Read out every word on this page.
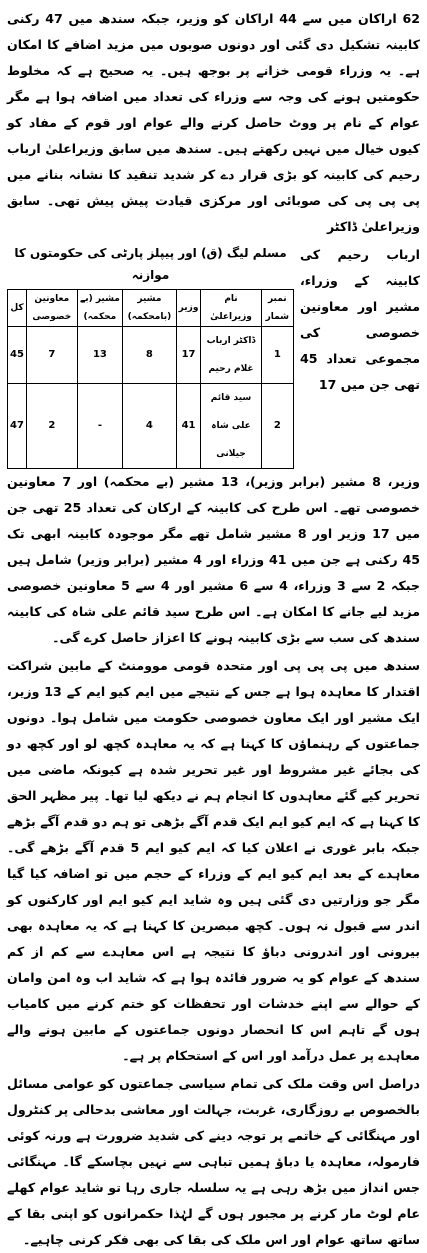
62 اراکان میں سے 44 اراکان کو وزیر، جبکہ سندھ میں 47 رکنی کابینہ تشکیل دی گئی اور دونوں صوبوں میں مزید اضافے کا امکان ہے۔ یہ وزراء قومی خزانے پر بوجھ ہیں۔ یہ صحیح ہے کہ مخلوط حکومتیں ہونے کی وجہ سے وزراء کی تعداد میں اضافہ ہوا ہے مگر عوام کے نام پر ووٹ حاصل کرنے والے عوام اور قوم کے مفاد کو کیوں خیال میں نہیں رکھتے ہیں۔ سندھ میں سابق وزیراعلیٰ ارباب رحیم کی کابینہ کو بڑی قرار دے کر شدید تنقید کا نشانہ بنانے میں پی پی پی کی صوبائی اور مرکزی قیادت پیش پیش تھی۔ سابق وزیراعلیٰ ڈاکٹر

ارباب رحیم کی کابینہ کے وزراء، مشیر اور معاونین خصوصی کی مجموعی تعداد 45 تھی جن میں 17
مسلم لیگ (ق) اور پیپلز پارٹی کی حکومتوں کا موازنہ
نمبر شمار	نام وزیراعلیٰ	وزیر	مشیر (بامحکمہ)	مشیر (بے محکمہ)	معاونین خصوصی	کل
1	ڈاکٹر ارباب غلام رحیم	17	8	13	7	45
2	سید قائم علی شاہ جیلانی	41	4	-	2	47

وزیر، 8 مشیر (برابر وزیر)، 13 مشیر (بے محکمہ) اور 7 معاونین خصوصی تھے۔ اس طرح کی کابینہ کے ارکان کی تعداد 25 تھی جن میں 17 وزیر اور 8 مشیر شامل تھے مگر موجودہ کابینہ ابھی تک 45 رکنی ہے جن میں 41 وزراء اور 4 مشیر (برابر وزیر) شامل ہیں جبکہ 2 سے 3 وزراء، 4 سے 6 مشیر اور 4 سے 5 معاونین خصوصی مزید لیے جانے کا امکان ہے۔ اس طرح سید قائم علی شاہ کی کابینہ سندھ کی سب سے بڑی کابینہ ہونے کا اعزاز حاصل کرے گی۔

سندھ میں پی پی پی اور متحدہ قومی موومنٹ کے مابین شراکت اقتدار کا معاہدہ ہوا ہے جس کے نتیجے میں ایم کیو ایم کے 13 وزیر، ایک مشیر اور ایک معاون خصوصی حکومت میں شامل ہوا۔ دونوں جماعتوں کے رہنماؤں کا کہنا ہے کہ یہ معاہدہ کچھ لو اور کچھ دو کی بجائے غیر مشروط اور غیر تحریر شدہ ہے کیونکہ ماضی میں تحریر کیے گئے معاہدوں کا انجام ہم نے دیکھ لیا تھا۔ پیر مظہر الحق کا کہنا ہے کہ ایم کیو ایم ایک قدم آگے بڑھی تو ہم دو قدم آگے بڑھے جبکہ بابر غوری نے اعلان کیا کہ ایم کیو ایم 5 قدم آگے بڑھے گی۔ معاہدے کے بعد ایم کیو ایم کے وزراء کے حجم میں تو اضافہ کیا گیا مگر جو وزارتیں دی گئی ہیں وہ شاید ایم کیو ایم اور کارکنوں کو اندر سے قبول نہ ہوں۔ کچھ مبصرین کا کہنا ہے کہ یہ معاہدہ بھی بیرونی اور اندرونی دباؤ کا نتیجہ ہے اس معاہدے سے کم از کم سندھ کے عوام کو یہ ضرور فائدہ ہوا ہے کہ شاید اب وہ امن وامان کے حوالے سے اپنے خدشات اور تحفظات کو ختم کرنے میں کامیاب ہوں گے تاہم اس کا انحصار دونوں جماعتوں کے مابین ہونے والے معاہدے پر عمل درآمد اور اس کے استحکام پر ہے۔

دراصل اس وقت ملک کی تمام سیاسی جماعتوں کو عوامی مسائل بالخصوص بے روزگاری، غربت، جہالت اور معاشی بدحالی پر کنٹرول اور مہنگائی کے خاتمے پر توجہ دینے کی شدید ضرورت ہے ورنہ کوئی فارمولہ، معاہدہ یا دباؤ ہمیں تباہی سے نہیں بچاسکے گا۔ مہنگائی جس انداز میں بڑھ رہی ہے یہ سلسلہ جاری رہا تو شاید عوام کھلے عام لوٹ مار کرنے پر مجبور ہوں گے لہٰذا حکمرانوں کو اپنی بقا کے ساتھ ساتھ عوام اور اس ملک کی بقا کی بھی فکر کرنی چاہیے۔
